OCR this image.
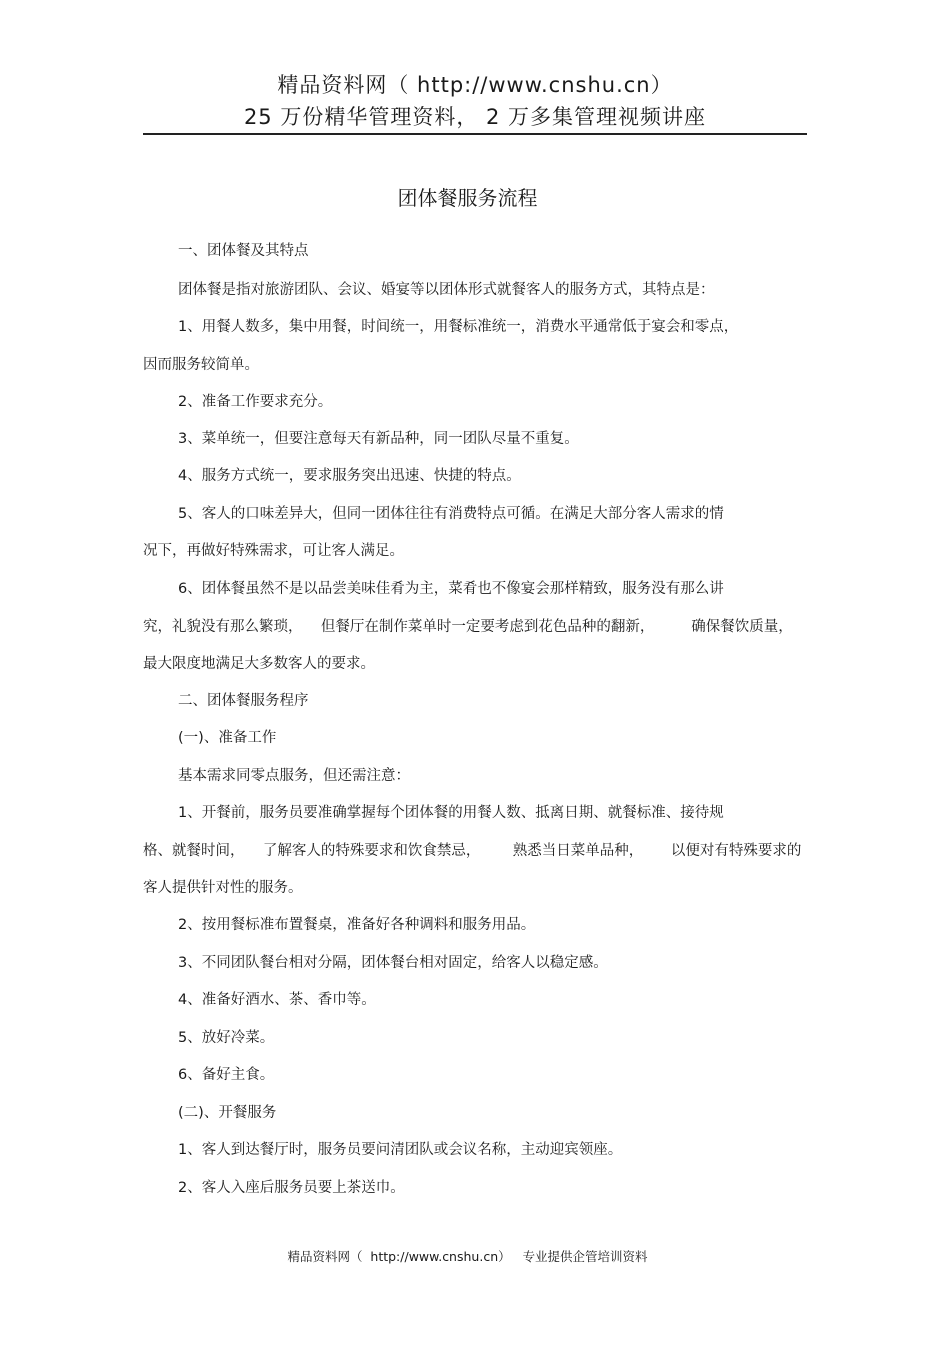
精品资料网（ http://www.cnshu.cn）
25 万份精华管理资料， 2 万多集管理视频讲座
团体餐服务流程
一、团体餐及其特点
团体餐是指对旅游团队、会议、婚宴等以团体形式就餐客人的服务方式，其特点是：
1、用餐人数多，集中用餐，时间统一，用餐标准统一，消费水平通常低于宴会和零点，
因而服务较简单。
2、准备工作要求充分。
3、菜单统一，但要注意每天有新品种，同一团队尽量不重复。
4、服务方式统一，要求服务突出迅速、快捷的特点。
5、客人的口味差异大，但同一团体往往有消费特点可循。在满足大部分客人需求的情
况下，再做好特殊需求，可让客人满足。
6、团体餐虽然不是以品尝美味佳肴为主，菜肴也不像宴会那样精致，服务没有那么讲
究，礼貌没有那么繁琐，    但餐厅在制作菜单时一定要考虑到花色品种的翻新，        确保餐饮质量，
最大限度地满足大多数客人的要求。
二、团体餐服务程序
(一)、准备工作
基本需求同零点服务，但还需注意：
1、开餐前，服务员要准确掌握每个团体餐的用餐人数、抵离日期、就餐标准、接待规
格、就餐时间，    了解客人的特殊要求和饮食禁忌，       熟悉当日菜单品种，      以便对有特殊要求的
客人提供针对性的服务。
2、按用餐标准布置餐桌，准备好各种调料和服务用品。
3、不同团队餐台相对分隔，团体餐台相对固定，给客人以稳定感。
4、准备好酒水、茶、香巾等。
5、放好冷菜。
6、备好主食。
(二)、开餐服务
1、客人到达餐厅时，服务员要问清团队或会议名称，主动迎宾领座。
2、客人入座后服务员要上茶送巾。
精品资料网（  http://www.cnshu.cn）   专业提供企管培训资料
